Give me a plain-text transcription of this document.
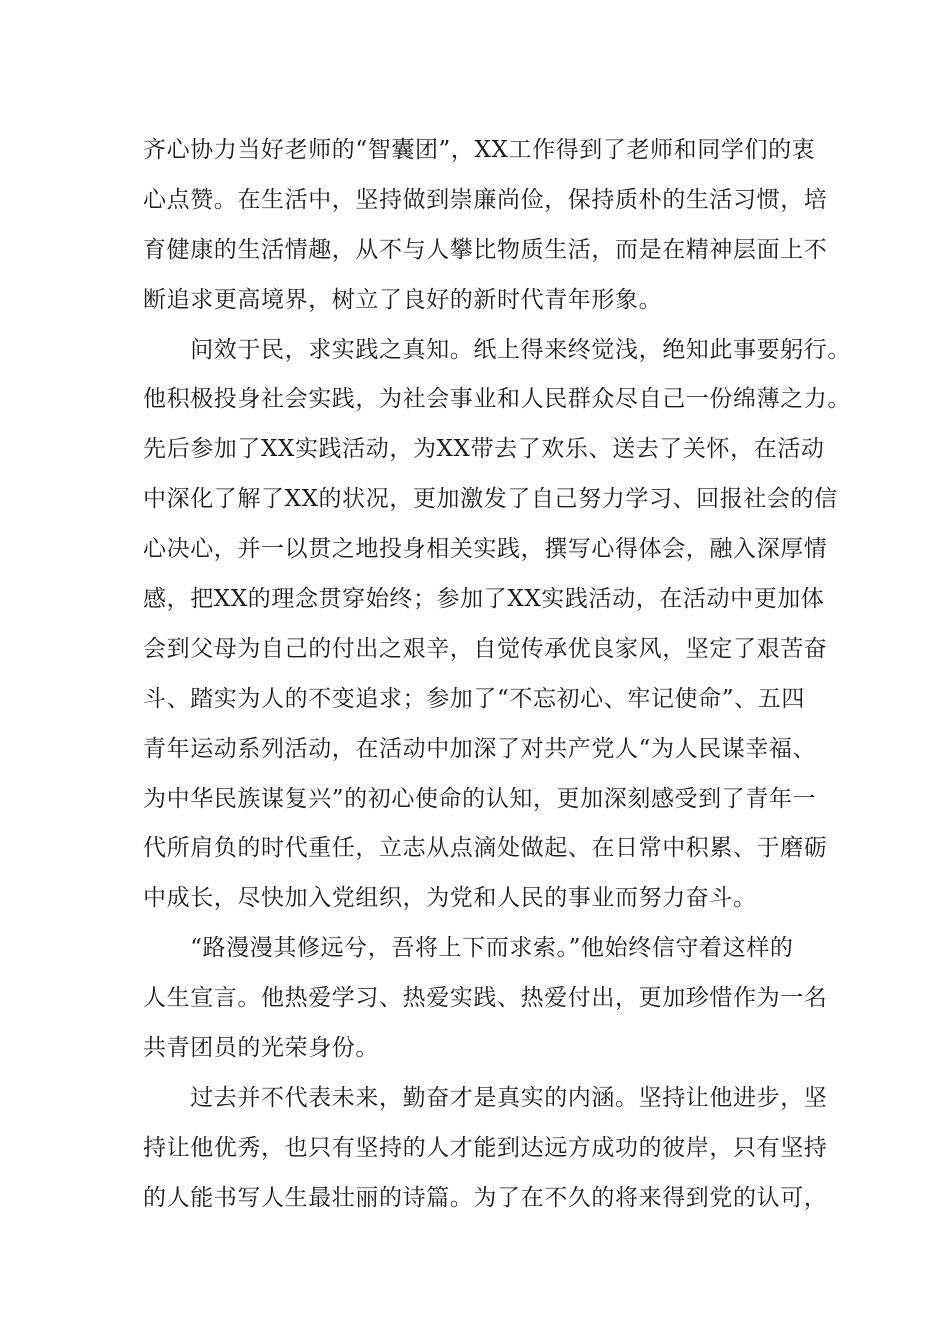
齐心协力当好老师的“智囊团”，XX工作得到了老师和同学们的衷
心点赞。在生活中，坚持做到崇廉尚俭，保持质朴的生活习惯，培
育健康的生活情趣，从不与人攀比物质生活，而是在精神层面上不
断追求更高境界，树立了良好的新时代青年形象。
　　问效于民，求实践之真知。纸上得来终觉浅，绝知此事要躬行。
他积极投身社会实践，为社会事业和人民群众尽自己一份绵薄之力。
先后参加了XX实践活动，为XX带去了欢乐、送去了关怀，在活动
中深化了解了XX的状况，更加激发了自己努力学习、回报社会的信
心决心，并一以贯之地投身相关实践，撰写心得体会，融入深厚情
感，把XX的理念贯穿始终；参加了XX实践活动，在活动中更加体
会到父母为自己的付出之艰辛，自觉传承优良家风，坚定了艰苦奋
斗、踏实为人的不变追求；参加了“不忘初心、牢记使命”、五四
青年运动系列活动，在活动中加深了对共产党人“为人民谋幸福、
为中华民族谋复兴”的初心使命的认知，更加深刻感受到了青年一
代所肩负的时代重任，立志从点滴处做起、在日常中积累、于磨砺
中成长，尽快加入党组织，为党和人民的事业而努力奋斗。
　　“路漫漫其修远兮，吾将上下而求索。”他始终信守着这样的
人生宣言。他热爱学习、热爱实践、热爱付出，更加珍惜作为一名
共青团员的光荣身份。
　　过去并不代表未来，勤奋才是真实的内涵。坚持让他进步，坚
持让他优秀，也只有坚持的人才能到达远方成功的彼岸，只有坚持
的人能书写人生最壮丽的诗篇。为了在不久的将来得到党的认可，
